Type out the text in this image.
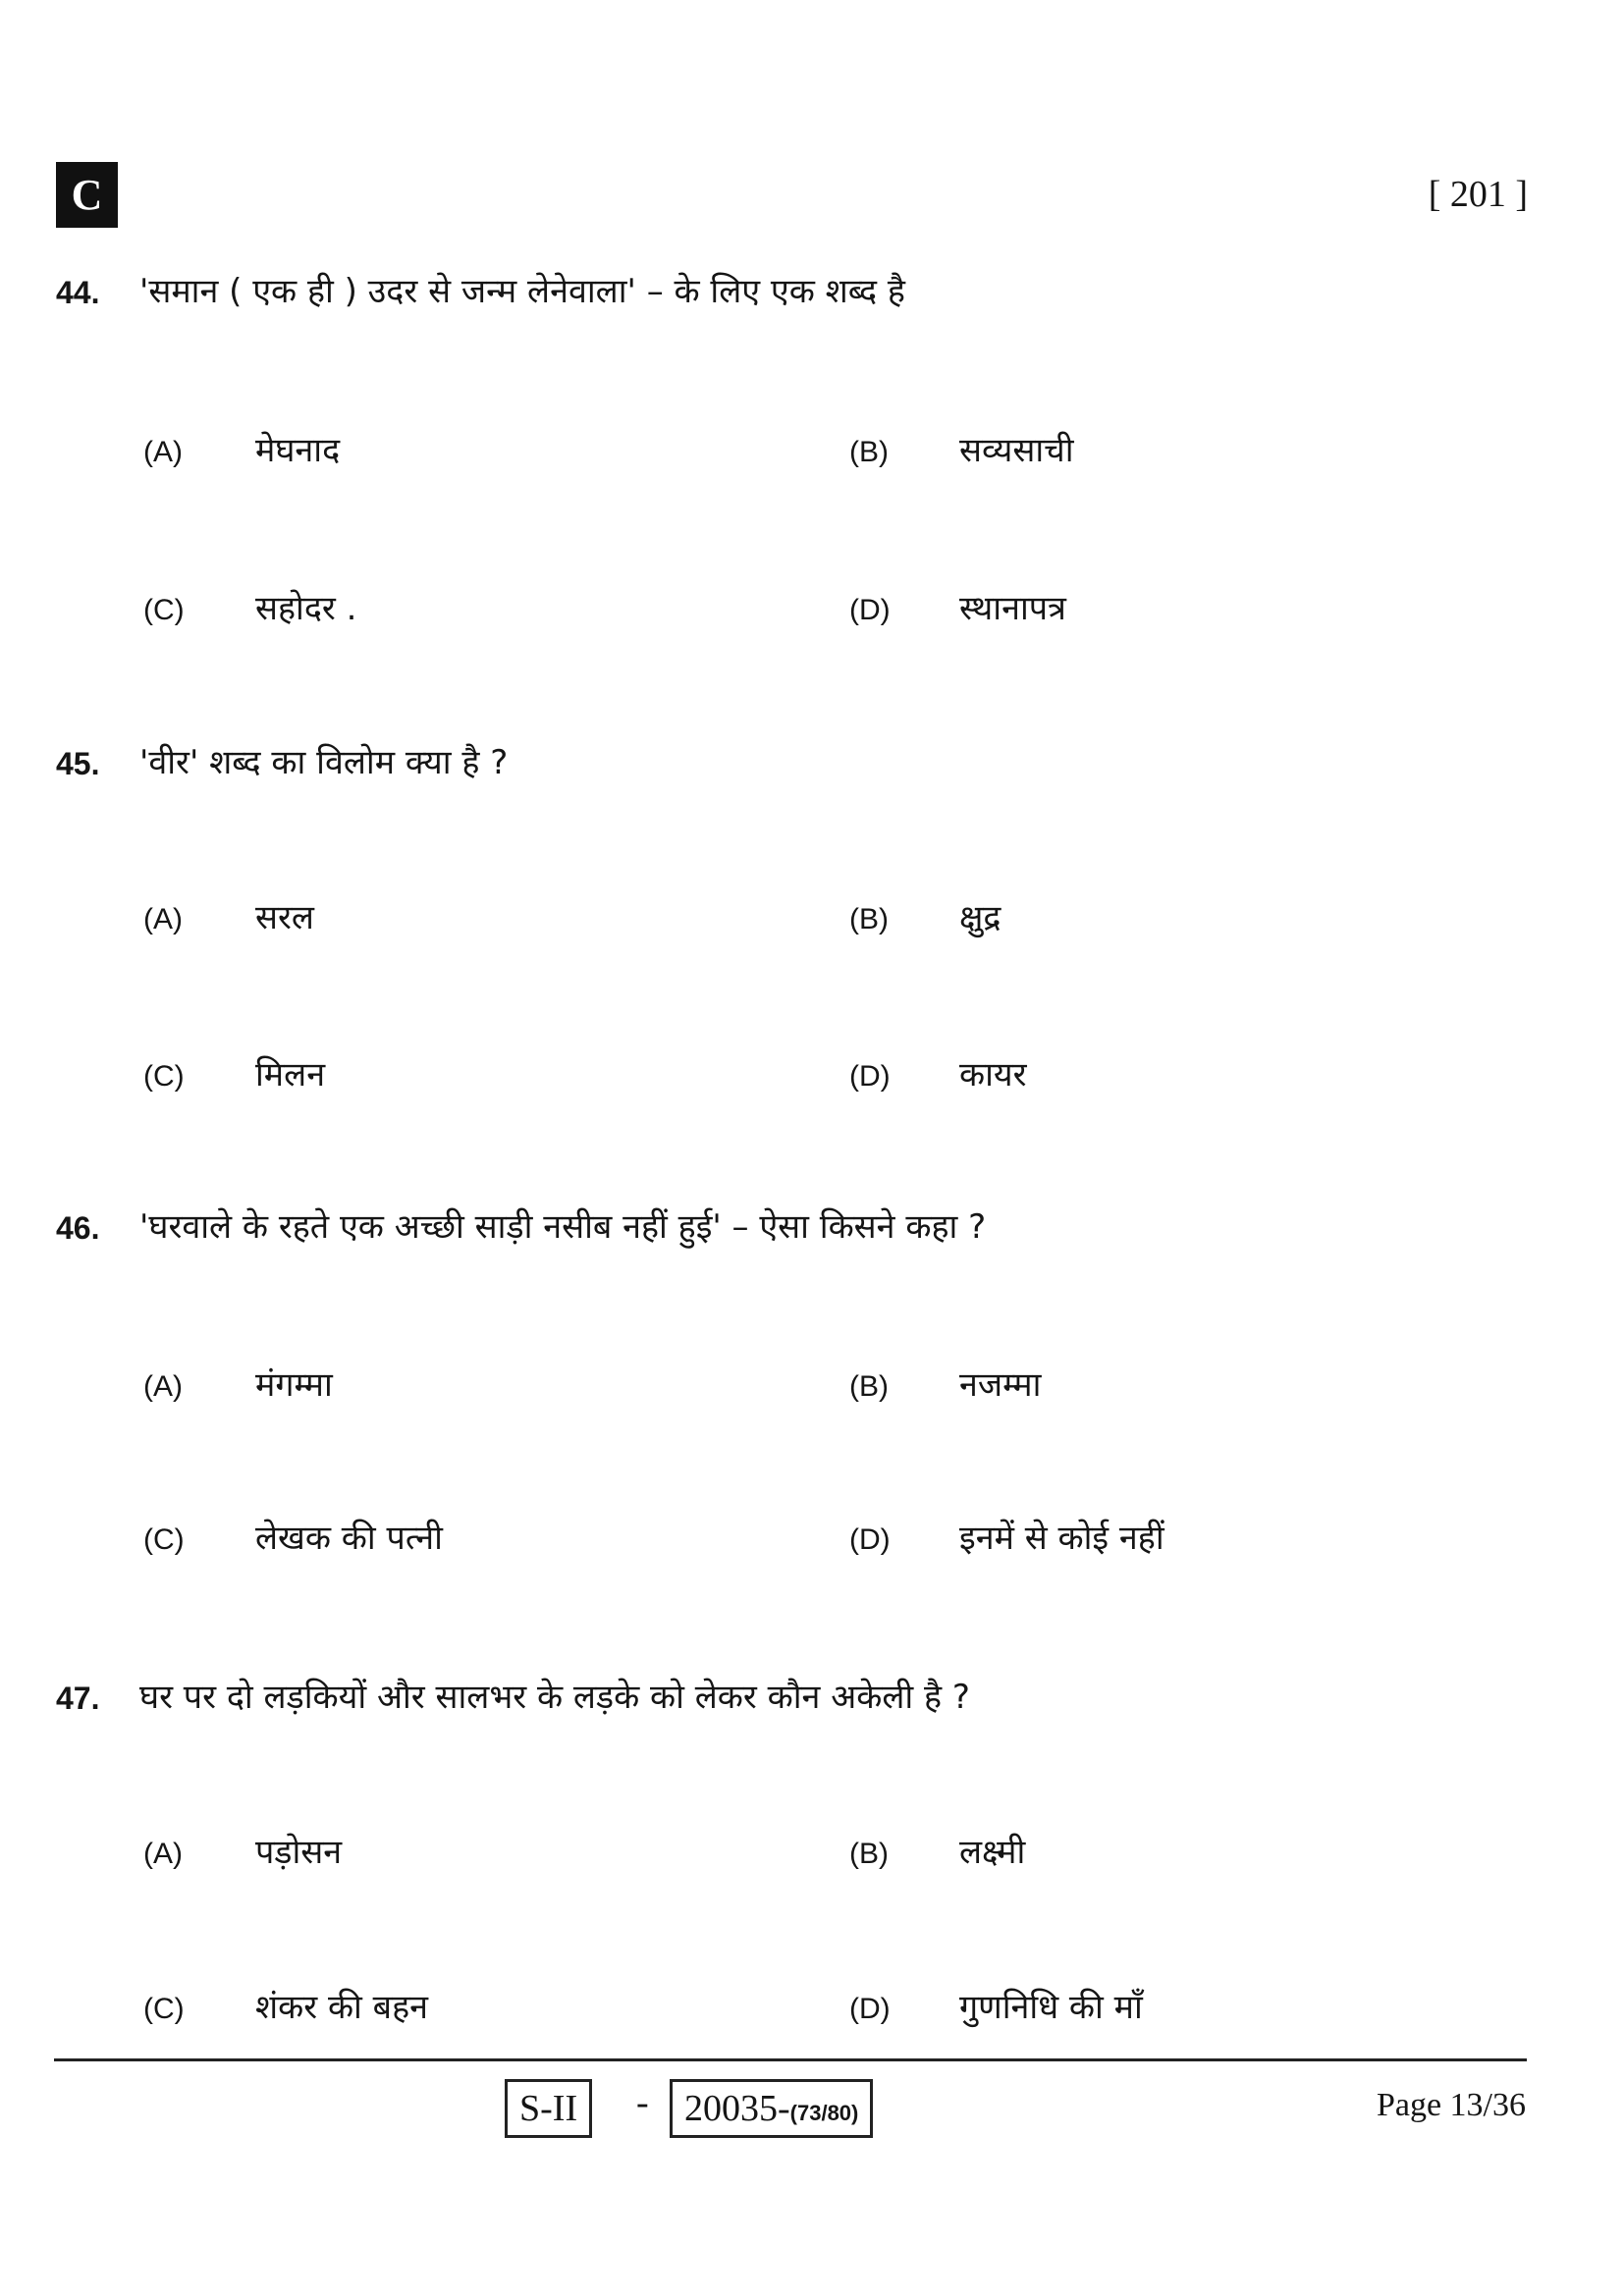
C	[ 201 ]
44. 'समान ( एक ही ) उदर से जन्म लेनेवाला' – के लिए एक शब्द है
(A) मेघनाद	(B) सव्यसाची
(C) सहोदर .	(D) स्थानापत्र
45. 'वीर' शब्द का विलोम क्या है ?
(A) सरल	(B) क्षुद्र
(C) मिलन	(D) कायर
46. 'घरवाले के रहते एक अच्छी साड़ी नसीब नहीं हुई' – ऐसा किसने कहा ?
(A) मंगम्मा	(B) नजम्मा
(C) लेखक की पत्नी	(D) इनमें से कोई नहीं
47. घर पर दो लड़कियों और सालभर के लड़के को लेकर कौन अकेली है ?
(A) पड़ोसन	(B) लक्ष्मी
(C) शंकर की बहन	(D) गुणनिधि की माँ
S-II	- 20035-(73/80)	Page 13/36
